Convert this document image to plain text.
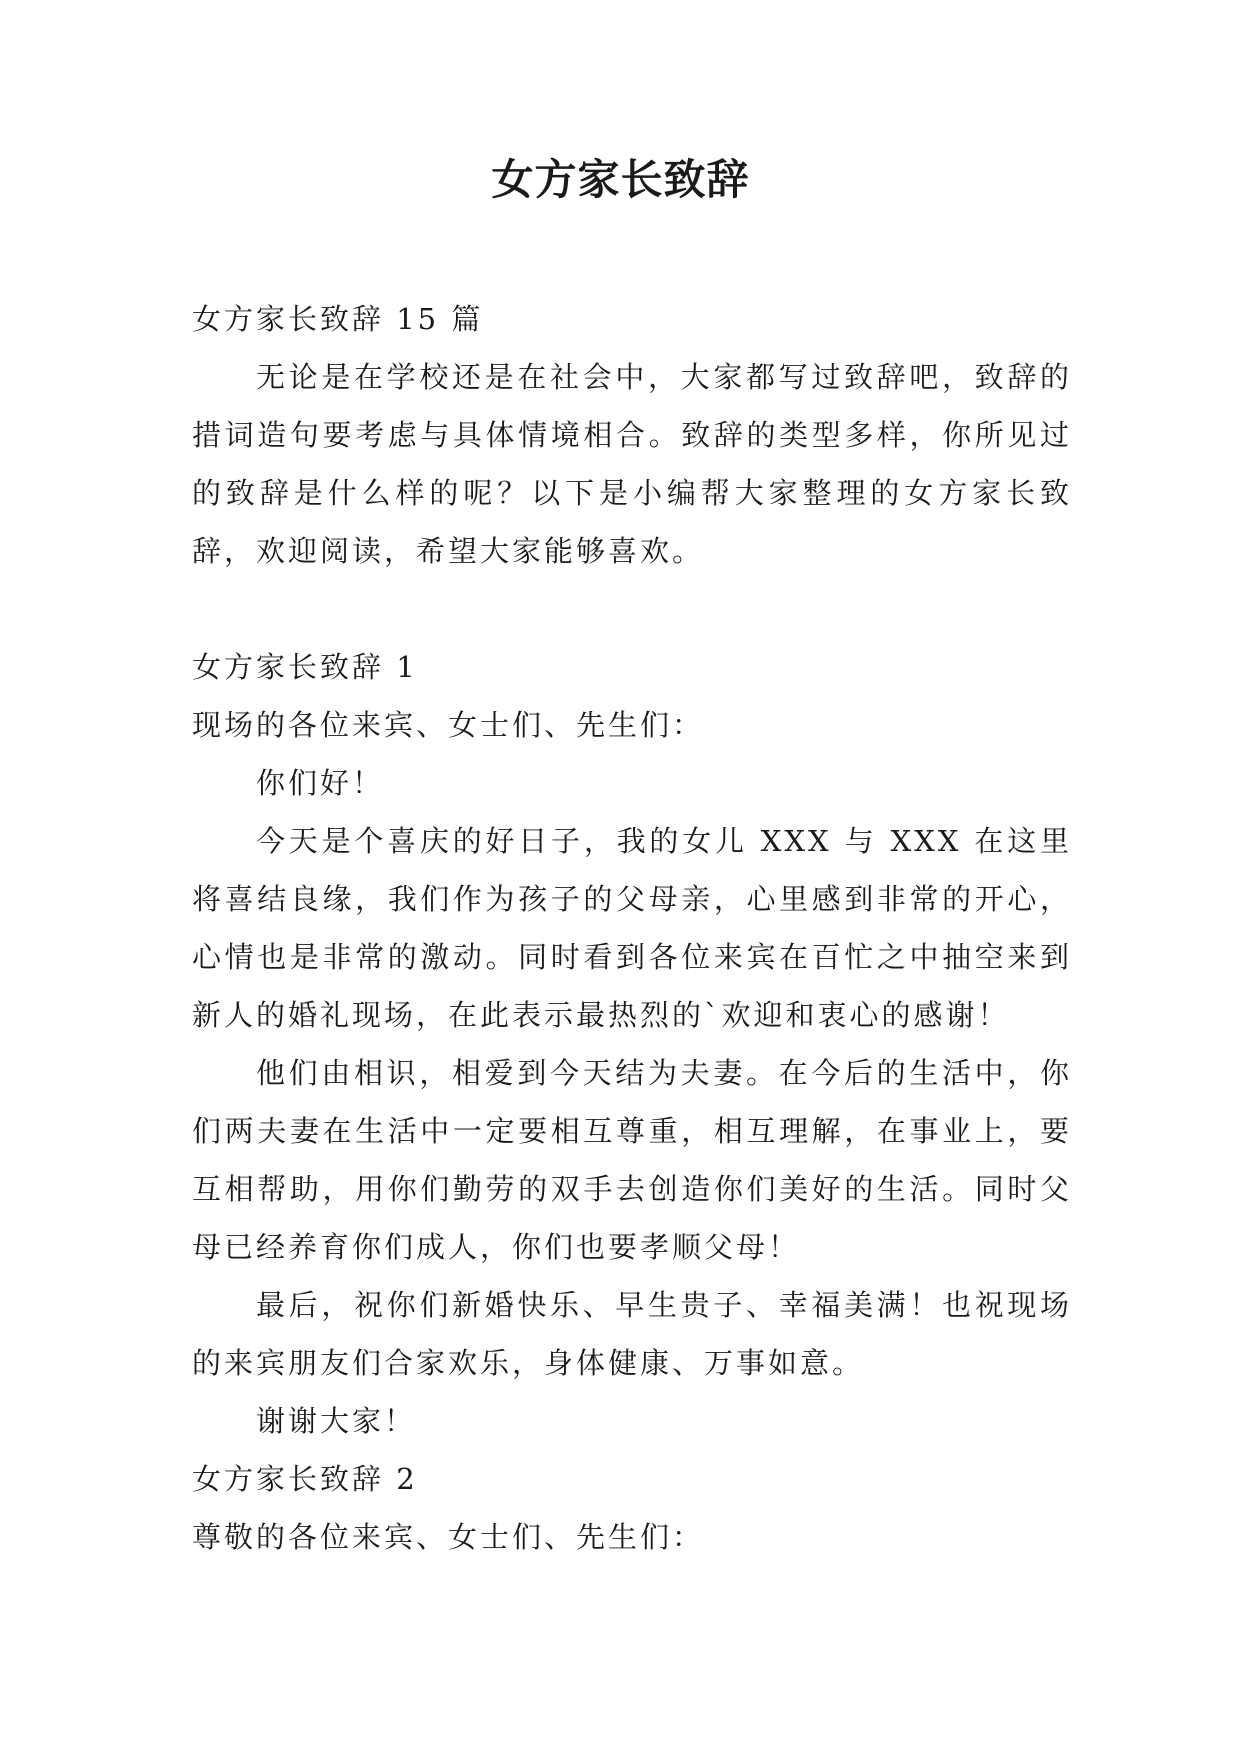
女方家长致辞

女方家长致辞 15 篇

无论是在学校还是在社会中，大家都写过致辞吧，致辞的措词造句要考虑与具体情境相合。致辞的类型多样，你所见过的致辞是什么样的呢？以下是小编帮大家整理的女方家长致辞，欢迎阅读，希望大家能够喜欢。

女方家长致辞 1

现场的各位来宾、女士们、先生们：

你们好！

今天是个喜庆的好日子，我的女儿 XXX 与 XXX 在这里将喜结良缘，我们作为孩子的父母亲，心里感到非常的开心，心情也是非常的激动。同时看到各位来宾在百忙之中抽空来到新人的婚礼现场，在此表示最热烈的`欢迎和衷心的感谢！

他们由相识，相爱到今天结为夫妻。在今后的生活中，你们两夫妻在生活中一定要相互尊重，相互理解，在事业上，要互相帮助，用你们勤劳的双手去创造你们美好的生活。同时父母已经养育你们成人，你们也要孝顺父母！

最后，祝你们新婚快乐、早生贵子、幸福美满！也祝现场的来宾朋友们合家欢乐，身体健康、万事如意。

谢谢大家！

女方家长致辞 2

尊敬的各位来宾、女士们、先生们：
